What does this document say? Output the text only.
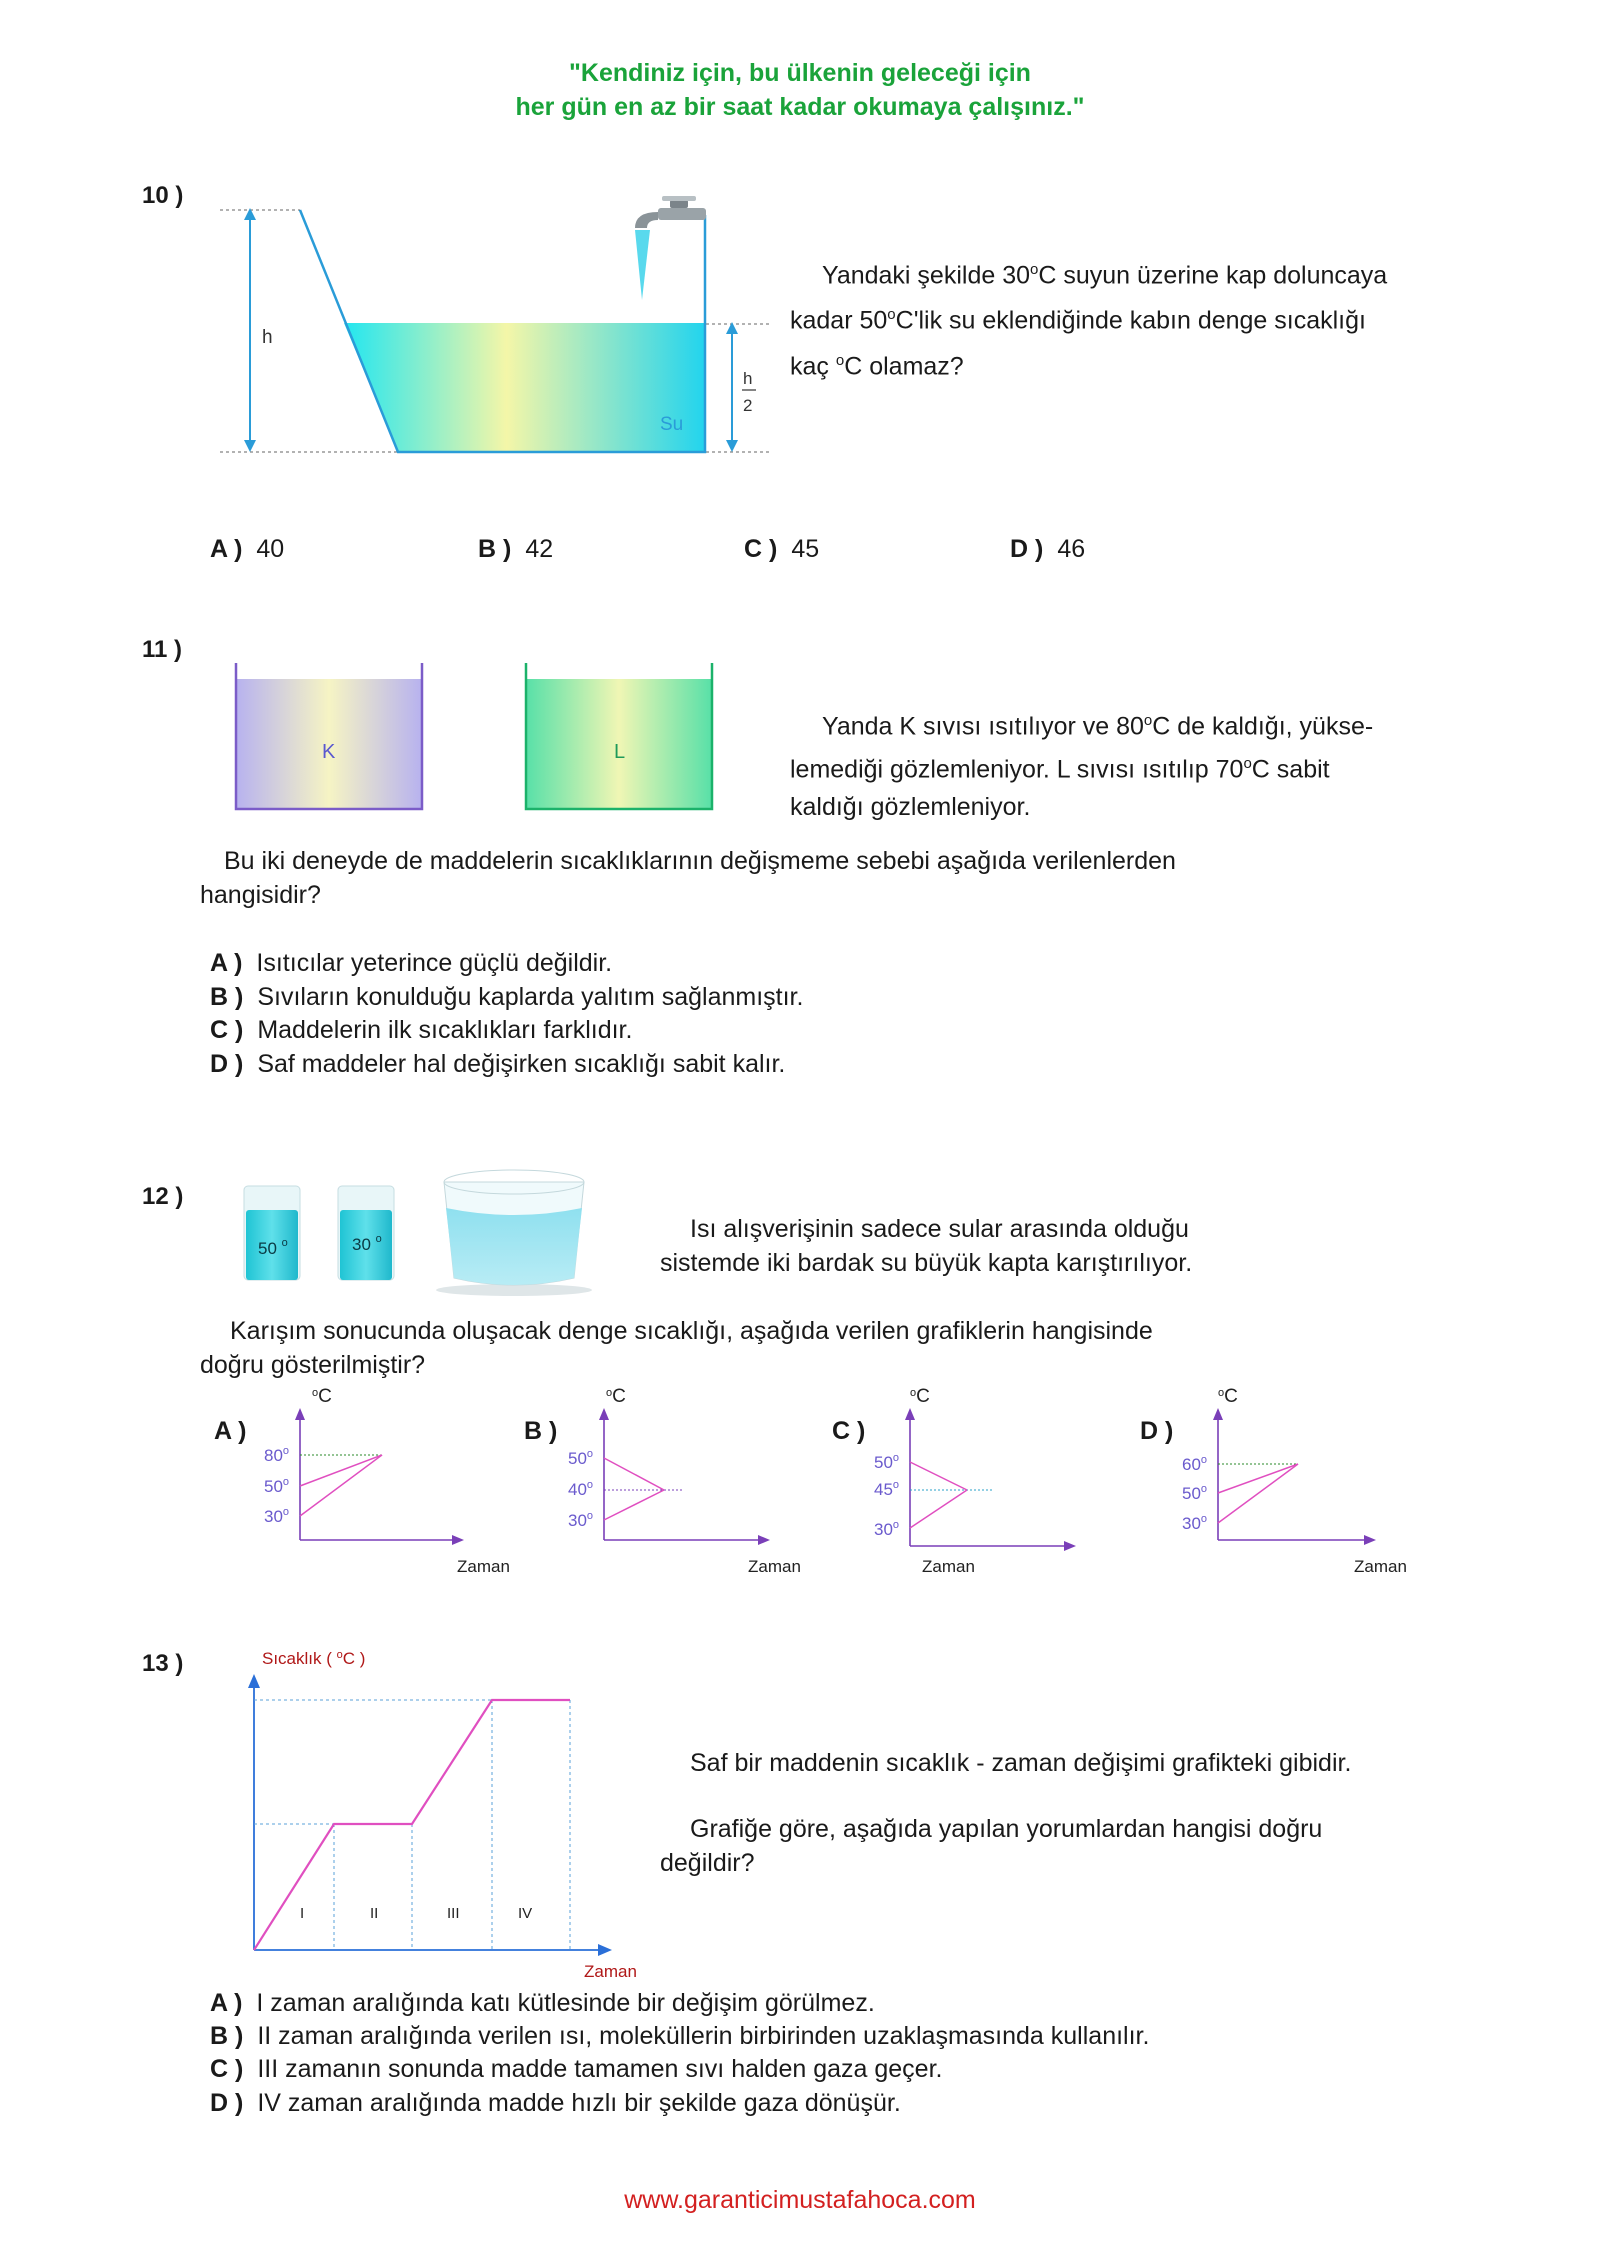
"Kendiniz için, bu ülkenin geleceği için
her gün en az bir saat kadar okumaya çalışınız."
10 )
h
h
2
Su
Yandaki şekilde 30$^o$C suyun üzerine kap doluncaya
kadar 50$^o$C'lik su eklendiğinde kabın denge sıcaklığı
kaç $^o$C olamaz?
A ) 40	B ) 42	C ) 45	D ) 46
11 )
K	L
Yanda K sıvısı ısıtılıyor ve 80$^o$C de kaldığı, yükse-
lemediği gözlemleniyor. L sıvısı ısıtılıp 70$^o$C sabit
kaldığı gözlemleniyor.
Bu iki deneyde de maddelerin sıcaklıklarının değişmeme sebebi aşağıda verilenlerden
hangisidir?
A ) Isıtıcılar yeterince güçlü değildir.
B ) Sıvıların konulduğu kaplarda yalıtım sağlanmıştır.
C ) Maddelerin ilk sıcaklıkları farklıdır.
D ) Saf maddeler hal değişirken sıcaklığı sabit kalır.
12 )
50 $^o$	30 $^o$	Isı alışverişinin sadece sular arasında olduğu
sistemde iki bardak su büyük kapta karıştırılıyor.
Karışım sonucunda oluşacak denge sıcaklığı, aşağıda verilen grafiklerin hangisinde
doğru gösterilmiştir?
A )
$^o$C
80$^o$
50$^o$
30$^o$
Zaman
B )
$^o$C
50$^o$
40$^o$
30$^o$
Zaman
C )
$^o$C
50$^o$
45$^o$
30$^o$
Zaman
D )
$^o$C
60$^o$
50$^o$
30$^o$
Zaman
13 )	Sıcaklık ( $^o$C )
I	II	III	IV
Zaman
Saf bir maddenin sıcaklık - zaman değişimi grafikteki gibidir.
Grafiğe göre, aşağıda yapılan yorumlardan hangisi doğru
değildir?
A ) I zaman aralığında katı kütlesinde bir değişim görülmez.
B ) II zaman aralığında verilen ısı, moleküllerin birbirinden uzaklaşmasında kullanılır.
C ) III zamanın sonunda madde tamamen sıvı halden gaza geçer.
D ) IV zaman aralığında madde hızlı bir şekilde gaza dönüşür.
www.garanticimustafahoca.com
